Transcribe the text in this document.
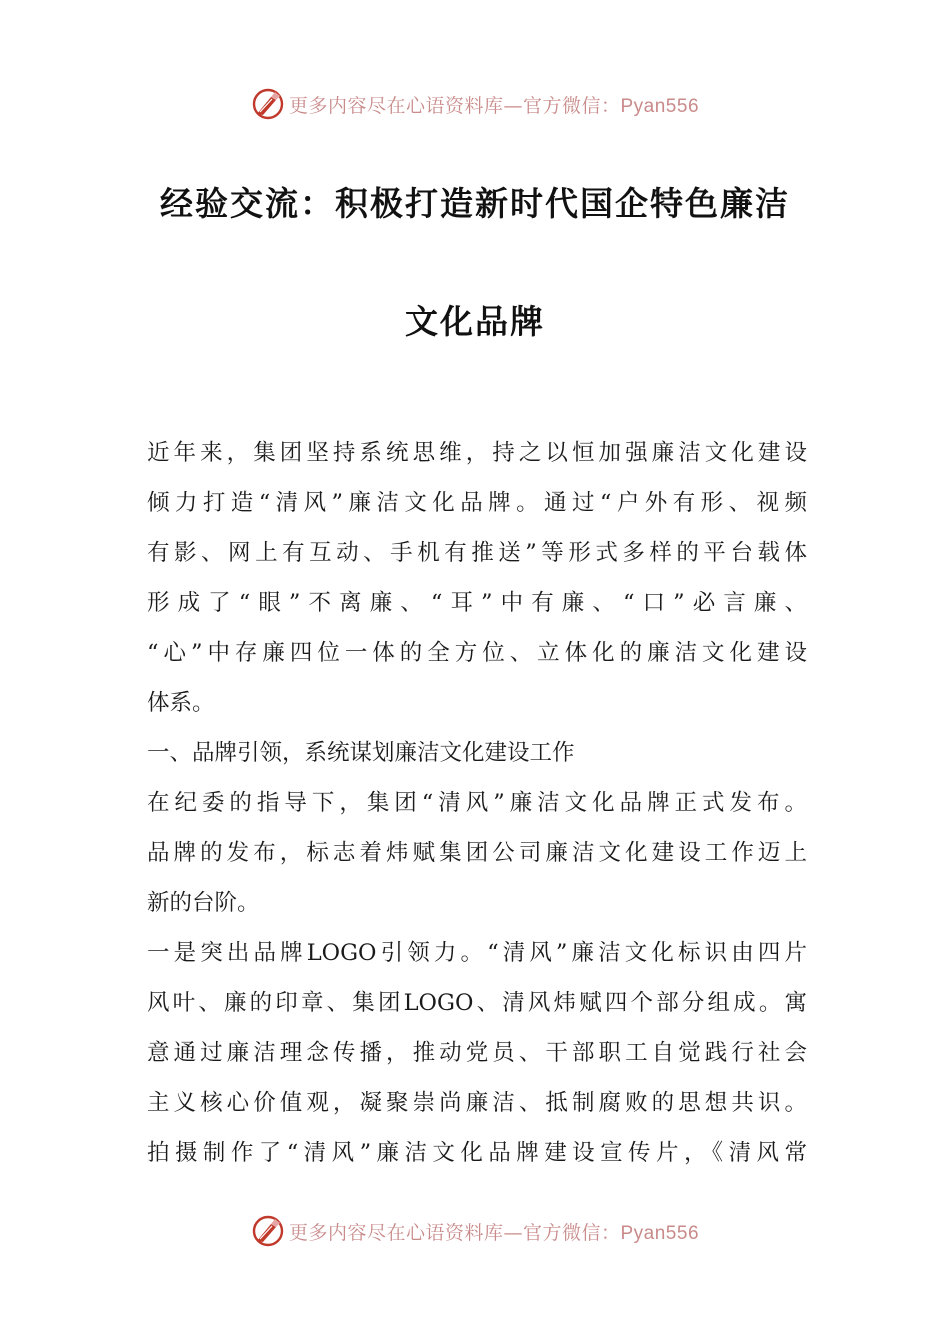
更多内容尽在心语资料库—官方微信：Pyan556
经验交流：积极打造新时代国企特色廉洁
文化品牌
近年来，集团坚持系统思维，持之以恒加强廉洁文化建设
倾力打造“清风”廉洁文化品牌。通过“户外有形、视频
有影、网上有互动、手机有推送”等形式多样的平台载体
形成了“眼”不离廉、“耳”中有廉、“口”必言廉、
“心”中存廉四位一体的全方位、立体化的廉洁文化建设
体系。
一、品牌引领，系统谋划廉洁文化建设工作
在纪委的指导下，集团“清风”廉洁文化品牌正式发布。
品牌的发布，标志着炜赋集团公司廉洁文化建设工作迈上
新的台阶。
一是突出品牌LOGO引领力。“清风”廉洁文化标识由四片
风叶、廉的印章、集团LOGO、清风炜赋四个部分组成。寓
意通过廉洁理念传播，推动党员、干部职工自觉践行社会
主义核心价值观，凝聚崇尚廉洁、抵制腐败的思想共识。
拍摄制作了“清风”廉洁文化品牌建设宣传片，《清风常
更多内容尽在心语资料库—官方微信：Pyan556
